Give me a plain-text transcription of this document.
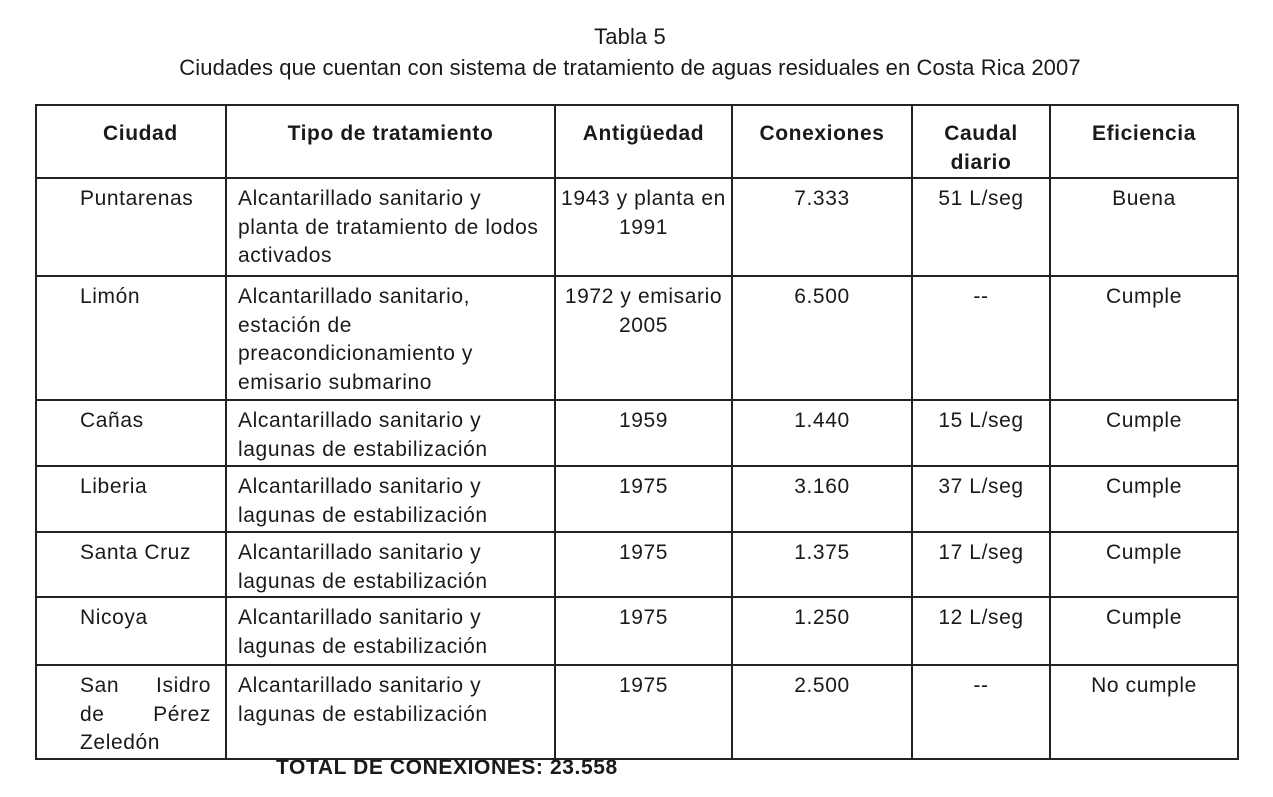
Tabla 5
Ciudades que cuentan con sistema de tratamiento de aguas residuales en Costa Rica 2007
Ciudad	Tipo de tratamiento	Antigüedad	Conexiones	Caudal diario	Eficiencia
Puntarenas	Alcantarillado sanitario y planta de tratamiento de lodos activados	1943 y planta en 1991	7.333	51 L/seg	Buena
Limón	Alcantarillado sanitario, estación de preacondicionamiento y emisario submarino	1972 y emisario 2005	6.500	--	Cumple
Cañas	Alcantarillado sanitario y lagunas de estabilización	1959	1.440	15 L/seg	Cumple
Liberia	Alcantarillado sanitario y lagunas de estabilización	1975	3.160	37 L/seg	Cumple
Santa Cruz	Alcantarillado sanitario y lagunas de estabilización	1975	1.375	17 L/seg	Cumple
Nicoya	Alcantarillado sanitario y lagunas de estabilización	1975	1.250	12 L/seg	Cumple
San Isidro de Pérez Zeledón	Alcantarillado sanitario y lagunas de estabilización	1975	2.500	--	No cumple
TOTAL DE CONEXIONES: 23.558
